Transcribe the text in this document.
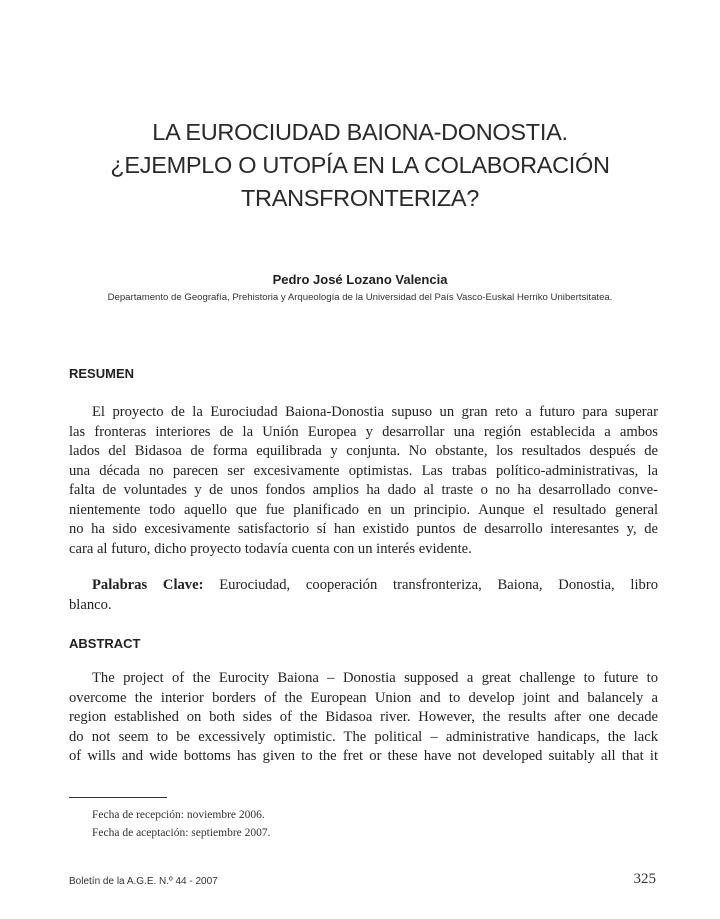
LA EUROCIUDAD BAIONA-DONOSTIA.
¿EJEMPLO O UTOPÍA EN LA COLABORACIÓN
TRANSFRONTERIZA?
Pedro José Lozano Valencia
Departamento de Geografía, Prehistoria y Arqueología de la Universidad del País Vasco-Euskal Herriko Unibertsitatea.
RESUMEN
El proyecto de la Eurociudad Baiona-Donostia supuso un gran reto a futuro para superar
las fronteras interiores de la Unión Europea y desarrollar una región establecida a ambos
lados del Bidasoa de forma equilibrada y conjunta. No obstante, los resultados después de
una década no parecen ser excesivamente optimistas. Las trabas político-administrativas, la
falta de voluntades y de unos fondos amplios ha dado al traste o no ha desarrollado conve-
nientemente todo aquello que fue planificado en un principio. Aunque el resultado general
no ha sido excesivamente satisfactorio sí han existido puntos de desarrollo interesantes y, de
cara al futuro, dicho proyecto todavía cuenta con un interés evidente.
Palabras Clave: Eurociudad, cooperación transfronteriza, Baiona, Donostia, libro
blanco.
ABSTRACT
The project of the Eurocity Baiona – Donostia supposed a great challenge to future to
overcome the interior borders of the European Union and to develop joint and balancely a
region established on both sides of the Bidasoa river. However, the results after one decade
do not seem to be excessively optimistic. The political – administrative handicaps, the lack
of wills and wide bottoms has given to the fret or these have not developed suitably all that it
Fecha de recepción: noviembre 2006.
Fecha de aceptación: septiembre 2007.
Boletín de la A.G.E. N.º 44 - 2007	325
